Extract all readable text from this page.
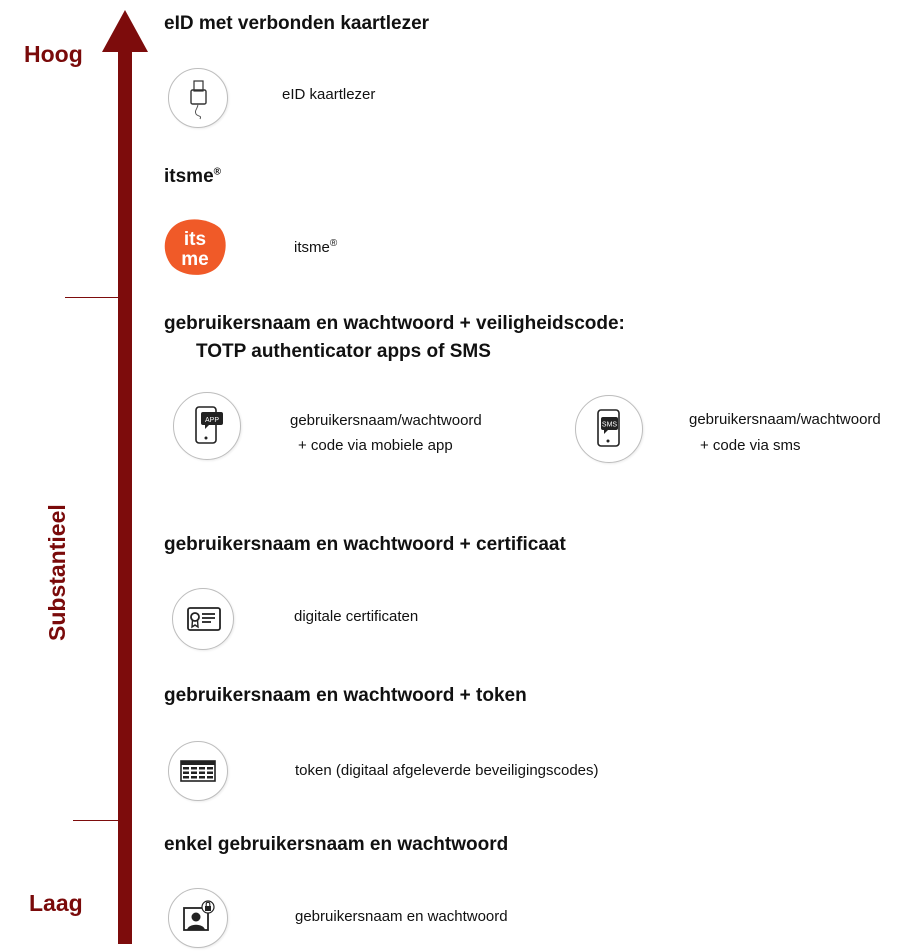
Hoog
Substantieel
Laag
eID met verbonden kaartlezer
eID kaartlezer
itsme®
its
me
itsme®
gebruikersnaam en wachtwoord + veiligheidscode:
TOTP authenticator apps of SMS
APP	gebruikersnaam/wachtwoord
+ code via mobiele app
SMS	gebruikersnaam/wachtwoord
+ code via sms
gebruikersnaam en wachtwoord + certificaat
digitale certificaten
gebruikersnaam en wachtwoord + token
token (digitaal afgeleverde beveiligingscodes)
enkel gebruikersnaam en wachtwoord
gebruikersnaam en wachtwoord
